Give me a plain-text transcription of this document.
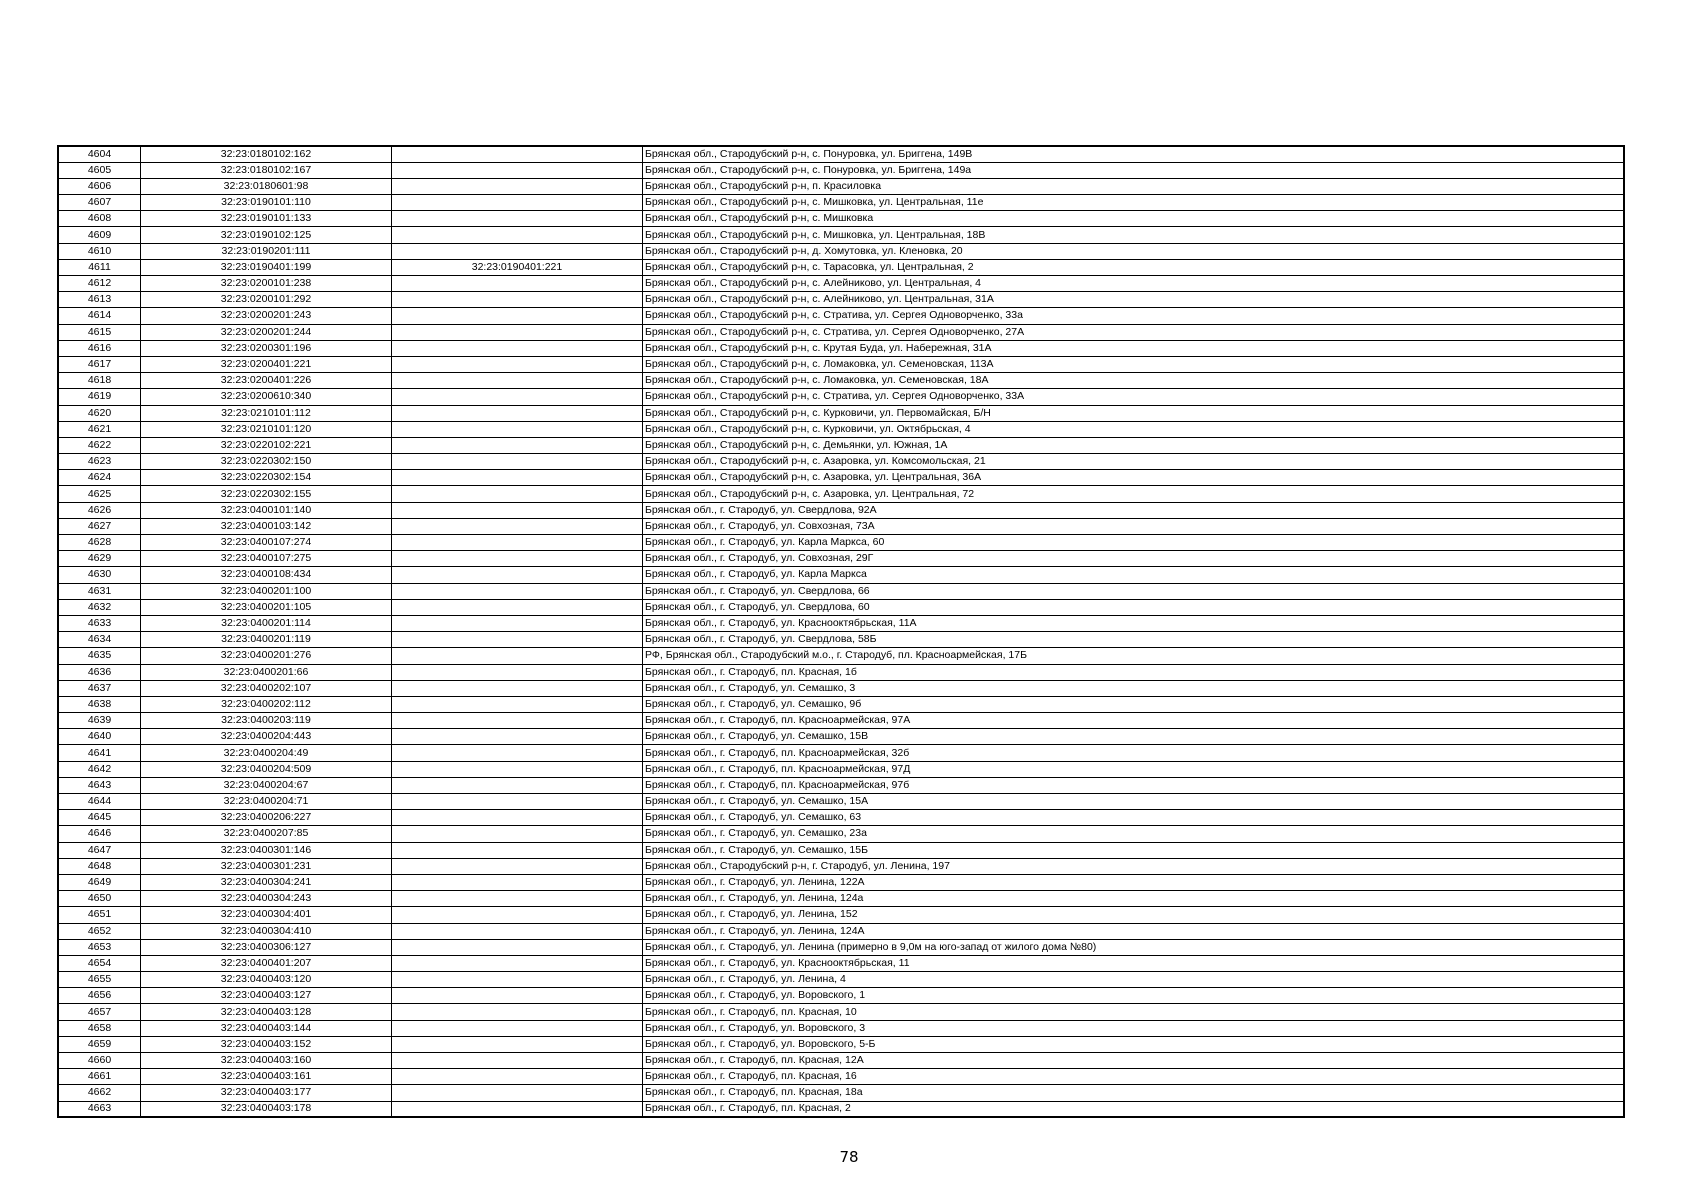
4604	32:23:0180102:162		Брянская обл., Стародубский р-н, с. Понуровка, ул. Бриггена, 149В
4605	32:23:0180102:167		Брянская обл., Стародубский р-н, с. Понуровка, ул. Бриггена, 149а
4606	32:23:0180601:98		Брянская обл., Стародубский р-н, п. Красиловка
4607	32:23:0190101:110		Брянская обл., Стародубский р-н, с. Мишковка, ул. Центральная, 11е
4608	32:23:0190101:133		Брянская обл., Стародубский р-н, с. Мишковка
4609	32:23:0190102:125		Брянская обл., Стародубский р-н, с. Мишковка, ул. Центральная, 18В
4610	32:23:0190201:111		Брянская обл., Стародубский р-н, д. Хомутовка, ул. Кленовка, 20
4611	32:23:0190401:199	32:23:0190401:221	Брянская обл., Стародубский р-н, с. Тарасовка, ул. Центральная, 2
4612	32:23:0200101:238		Брянская обл., Стародубский р-н, с. Алейниково, ул. Центральная, 4
4613	32:23:0200101:292		Брянская обл., Стародубский р-н, с. Алейниково, ул. Центральная, 31А
4614	32:23:0200201:243		Брянская обл., Стародубский р-н, с. Стратива, ул. Сергея Одноворченко, 33а
4615	32:23:0200201:244		Брянская обл., Стародубский р-н, с. Стратива, ул. Сергея Одноворченко, 27А
4616	32:23:0200301:196		Брянская обл., Стародубский р-н, с. Крутая Буда, ул. Набережная, 31А
4617	32:23:0200401:221		Брянская обл., Стародубский р-н, с. Ломаковка, ул. Семеновская, 113А
4618	32:23:0200401:226		Брянская обл., Стародубский р-н, с. Ломаковка, ул. Семеновская, 18А
4619	32:23:0200610:340		Брянская обл., Стародубский р-н, с. Стратива, ул. Сергея Одноворченко, 33А
4620	32:23:0210101:112		Брянская обл., Стародубский р-н, с. Курковичи, ул. Первомайская, Б/Н
4621	32:23:0210101:120		Брянская обл., Стародубский р-н, с. Курковичи, ул. Октябрьская, 4
4622	32:23:0220102:221		Брянская обл., Стародубский р-н, с. Демьянки, ул. Южная, 1А
4623	32:23:0220302:150		Брянская обл., Стародубский р-н, с. Азаровка, ул. Комсомольская, 21
4624	32:23:0220302:154		Брянская обл., Стародубский р-н, с. Азаровка, ул. Центральная, 36А
4625	32:23:0220302:155		Брянская обл., Стародубский р-н, с. Азаровка, ул. Центральная, 72
4626	32:23:0400101:140		Брянская обл., г. Стародуб, ул. Свердлова, 92А
4627	32:23:0400103:142		Брянская обл., г. Стародуб, ул. Совхозная, 73А
4628	32:23:0400107:274		Брянская обл., г. Стародуб, ул. Карла Маркса, 60
4629	32:23:0400107:275		Брянская обл., г. Стародуб, ул. Совхозная, 29Г
4630	32:23:0400108:434		Брянская обл., г. Стародуб, ул. Карла Маркса
4631	32:23:0400201:100		Брянская обл., г. Стародуб, ул. Свердлова, 66
4632	32:23:0400201:105		Брянская обл., г. Стародуб, ул. Свердлова, 60
4633	32:23:0400201:114		Брянская обл., г. Стародуб, ул. Краснооктябрьская, 11А
4634	32:23:0400201:119		Брянская обл., г. Стародуб, ул. Свердлова, 58Б
4635	32:23:0400201:276		РФ, Брянская обл., Стародубский м.о., г. Стародуб, пл. Красноармейская, 17Б
4636	32:23:0400201:66		Брянская обл., г. Стародуб, пл. Красная, 1б
4637	32:23:0400202:107		Брянская обл., г. Стародуб, ул. Семашко, 3
4638	32:23:0400202:112		Брянская обл., г. Стародуб, ул. Семашко, 9б
4639	32:23:0400203:119		Брянская обл., г. Стародуб, пл. Красноармейская, 97А
4640	32:23:0400204:443		Брянская обл., г. Стародуб, ул. Семашко, 15В
4641	32:23:0400204:49		Брянская обл., г. Стародуб, пл. Красноармейская, 32б
4642	32:23:0400204:509		Брянская обл., г. Стародуб, пл. Красноармейская, 97Д
4643	32:23:0400204:67		Брянская обл., г. Стародуб, пл. Красноармейская, 97б
4644	32:23:0400204:71		Брянская обл., г. Стародуб, ул. Семашко, 15А
4645	32:23:0400206:227		Брянская обл., г. Стародуб, ул. Семашко, 63
4646	32:23:0400207:85		Брянская обл., г. Стародуб, ул. Семашко, 23а
4647	32:23:0400301:146		Брянская обл., г. Стародуб, ул. Семашко, 15Б
4648	32:23:0400301:231		Брянская обл., Стародубский р-н, г. Стародуб, ул. Ленина, 197
4649	32:23:0400304:241		Брянская обл., г. Стародуб, ул. Ленина, 122А
4650	32:23:0400304:243		Брянская обл., г. Стародуб, ул. Ленина, 124а
4651	32:23:0400304:401		Брянская обл., г. Стародуб, ул. Ленина, 152
4652	32:23:0400304:410		Брянская обл., г. Стародуб, ул. Ленина, 124А
4653	32:23:0400306:127		Брянская обл., г. Стародуб, ул. Ленина (примерно в 9,0м на юго-запад от жилого дома №80)
4654	32:23:0400401:207		Брянская обл., г. Стародуб, ул. Краснооктябрьская, 11
4655	32:23:0400403:120		Брянская обл., г. Стародуб, ул. Ленина, 4
4656	32:23:0400403:127		Брянская обл., г. Стародуб, ул. Воровского, 1
4657	32:23:0400403:128		Брянская обл., г. Стародуб, пл. Красная, 10
4658	32:23:0400403:144		Брянская обл., г. Стародуб, ул. Воровского, 3
4659	32:23:0400403:152		Брянская обл., г. Стародуб, ул. Воровского, 5-Б
4660	32:23:0400403:160		Брянская обл., г. Стародуб, пл. Красная, 12А
4661	32:23:0400403:161		Брянская обл., г. Стародуб, пл. Красная, 16
4662	32:23:0400403:177		Брянская обл., г. Стародуб, пл. Красная, 18а
4663	32:23:0400403:178		Брянская обл., г. Стародуб, пл. Красная, 2
78
